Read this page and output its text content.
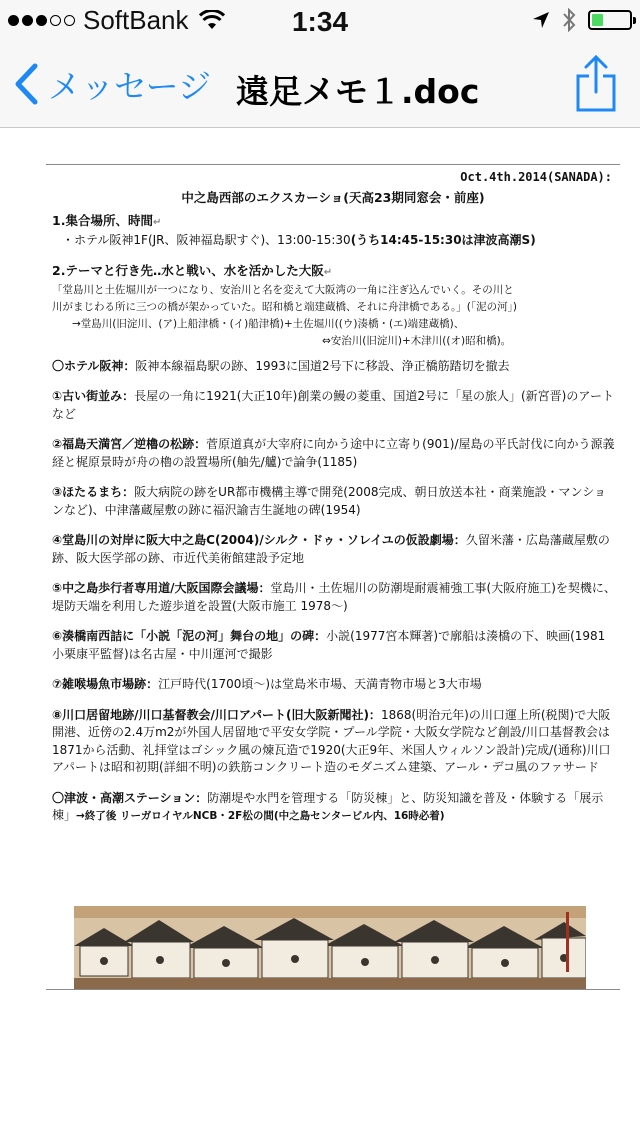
SoftBank	1:34
メッセージ 遠足メモ１.doc
Oct.4th.2014(SANADA):
中之島西部のエクスカーショ(天高23期同窓会・前座)

1.集合場所、時間↵

・ホテル阪神1F(JR、阪神福島駅すぐ)、13:00-15:30(うち14:45-15:30は津波高潮S)

2.テーマと行き先‥水と戦い、水を活かした大阪↵

「堂島川と土佐堀川が一つになり、安治川と名を変えて大阪湾の一角に注ぎ込んでいく。その川と

川がまじわる所に三つの橋が架かっていた。昭和橋と端建蔵橋、それに舟津橋である。」(「泥の河」)

→堂島川(旧淀川、(ア)上船津橋・(イ)船津橋)+土佐堀川((ウ)湊橋・(エ)端建蔵橋)、

⇔安治川(旧淀川)+木津川((オ)昭和橋)。

〇ホテル阪神：阪神本線福島駅の跡、1993に国道2号下に移設、浄正橋筋踏切を撤去

①古い街並み：長屋の一角に1921(大正10年)創業の鰻の菱重、国道2号に「星の旅人」(新宮晋)のアートなど

②福島天満宮／逆櫓の松跡：菅原道真が大宰府に向かう途中に立寄り(901)/屋島の平氏討伐に向かう源義経と梶原景時が舟の櫓の設置場所(舳先/艫)で論争(1185)

③ほたるまち：阪大病院の跡をUR都市機構主導で開発(2008完成、朝日放送本社・商業施設・マンションなど)、中津藩蔵屋敷の跡に福沢諭吉生誕地の碑(1954)

④堂島川の対岸に阪大中之島C(2004)/シルク・ドゥ・ソレイユの仮設劇場：久留米藩・広島藩蔵屋敷の跡、阪大医学部の跡、市近代美術館建設予定地

⑤中之島歩行者専用道/大阪国際会議場：堂島川・土佐堀川の防潮堤耐震補強工事(大阪府施工)を契機に、堤防天端を利用した遊歩道を設置(大阪市施工 1978〜)

⑥湊橋南西詰に「小説「泥の河」舞台の地」の碑：小説(1977宮本輝著)で廓船は湊橋の下、映画(1981小栗康平監督)は名古屋・中川運河で撮影

⑦雑喉場魚市場跡：江戸時代(1700頃〜)は堂島米市場、天満青物市場と3大市場

⑧川口居留地跡/川口基督教会/川口アパート(旧大阪新聞社)：1868(明治元年)の川口運上所(税関)で大阪開港、近傍の2.4万m2が外国人居留地で平安女学院・プール学院・大阪女学院など創設/川口基督教会は1871から活動、礼拝堂はゴシック風の煉瓦造で1920(大正9年、米国人ウィルソン設計)完成/(通称)川口アパートは昭和初期(詳細不明)の鉄筋コンクリート造のモダニズム建築、アール・デコ風のファサード

〇津波・高潮ステーション：防潮堤や水門を管理する「防災棟」と、防災知識を普及・体験する「展示棟」→終了後 リーガロイヤルNCB・2F松の間(中之島センタービル内、16時必着)
